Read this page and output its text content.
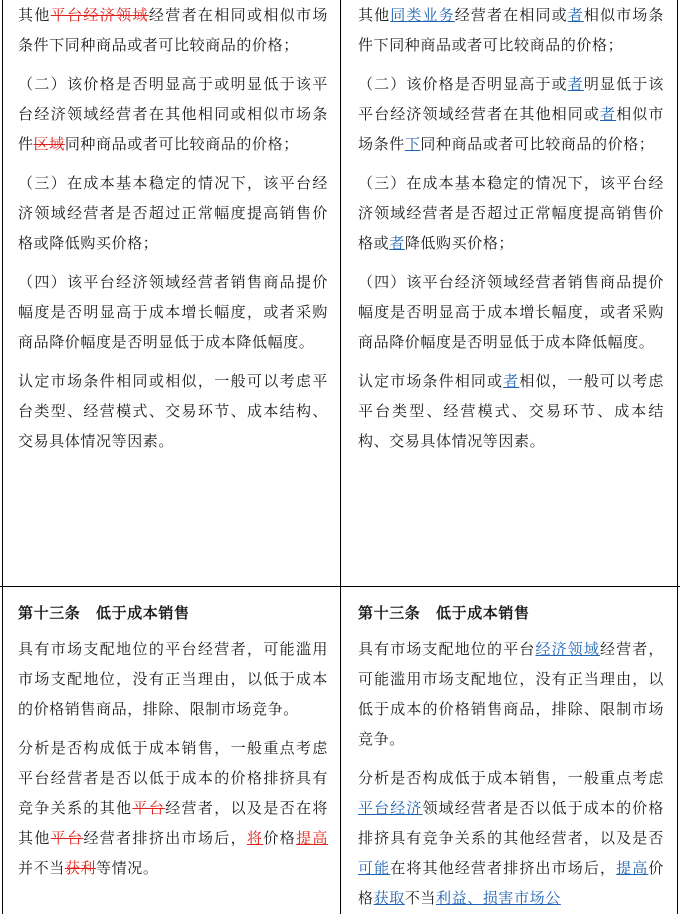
其他平台经济领域经营者在相同或相似市场条件下同种商品或者可比较商品的价格；

（二）该价格是否明显高于或明显低于该平台经济领域经营者在其他相同或相似市场条件区域同种商品或者可比较商品的价格；

（三）在成本基本稳定的情况下，该平台经济领域经营者是否超过正常幅度提高销售价格或降低购买价格；

（四）该平台经济领域经营者销售商品提价幅度是否明显高于成本增长幅度，或者采购商品降价幅度是否明显低于成本降低幅度。

认定市场条件相同或相似，一般可以考虑平台类型、经营模式、交易环节、成本结构、交易具体情况等因素。

其他同类业务经营者在相同或者相似市场条件下同种商品或者可比较商品的价格；

（二）该价格是否明显高于或者明显低于该平台经济领域经营者在其他相同或者相似市场条件下同种商品或者可比较商品的价格；

（三）在成本基本稳定的情况下，该平台经济领域经营者是否超过正常幅度提高销售价格或者降低购买价格；

（四）该平台经济领域经营者销售商品提价幅度是否明显高于成本增长幅度，或者采购商品降价幅度是否明显低于成本降低幅度。

认定市场条件相同或者相似，一般可以考虑平台类型、经营模式、交易环节、成本结构、交易具体情况等因素。

第十三条　低于成本销售

具有市场支配地位的平台经营者，可能滥用市场支配地位，没有正当理由，以低于成本的价格销售商品，排除、限制市场竞争。

分析是否构成低于成本销售，一般重点考虑平台经营者是否以低于成本的价格排挤具有竞争关系的其他平台经营者，以及是否在将其他平台经营者排挤出市场后，将价格提高并不当获利等情况。

第十三条　低于成本销售

具有市场支配地位的平台经济领域经营者，可能滥用市场支配地位，没有正当理由，以低于成本的价格销售商品，排除、限制市场竞争。

分析是否构成低于成本销售，一般重点考虑平台经济领域经营者是否以低于成本的价格排挤具有竞争关系的其他经营者，以及是否可能在将其他经营者排挤出市场后，提高价格获取不当利益、损害市场公
